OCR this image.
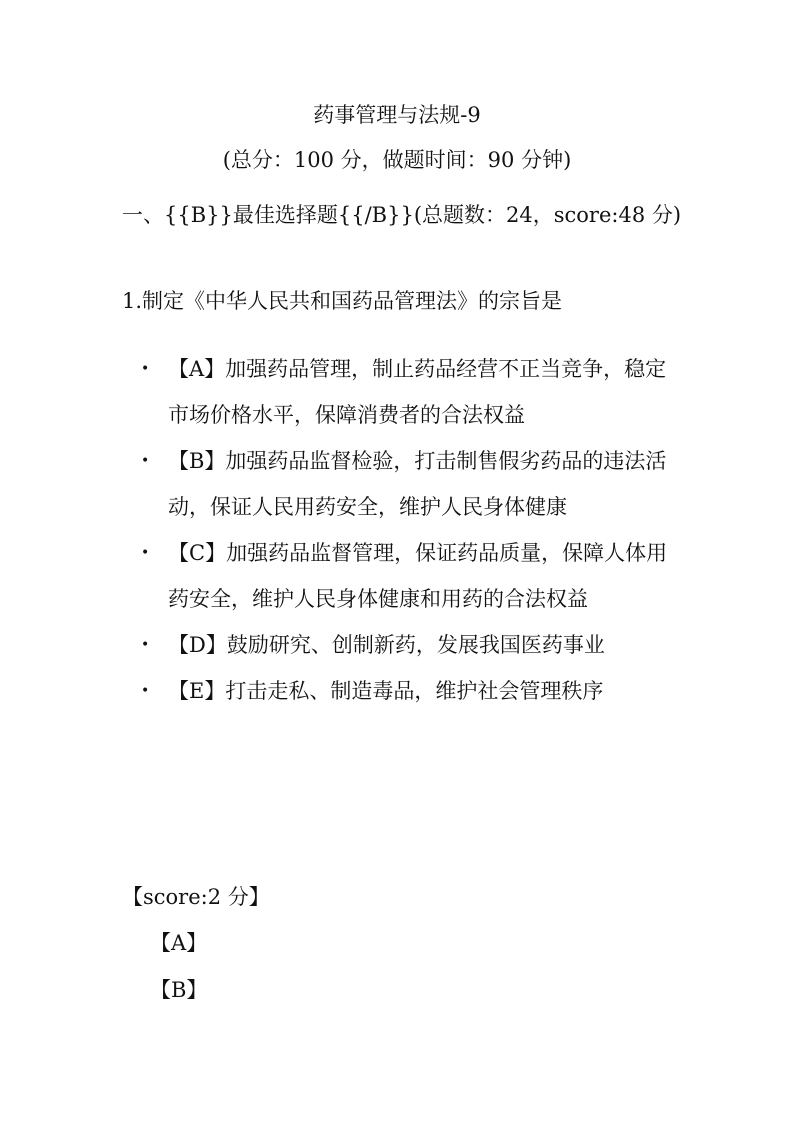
药事管理与法规-9
(总分：100 分，做题时间：90 分钟)
一、{{B}}最佳选择题{{/B}}(总题数：24，score:48 分)
1.制定《中华人民共和国药品管理法》的宗旨是
• 【A】加强药品管理，制止药品经营不正当竞争，稳定市场价格水平，保障消费者的合法权益
• 【B】加强药品监督检验，打击制售假劣药品的违法活动，保证人民用药安全，维护人民身体健康
• 【C】加强药品监督管理，保证药品质量，保障人体用药安全，维护人民身体健康和用药的合法权益
• 【D】鼓励研究、创制新药，发展我国医药事业
• 【E】打击走私、制造毒品，维护社会管理秩序
【score:2 分】
【A】
【B】
